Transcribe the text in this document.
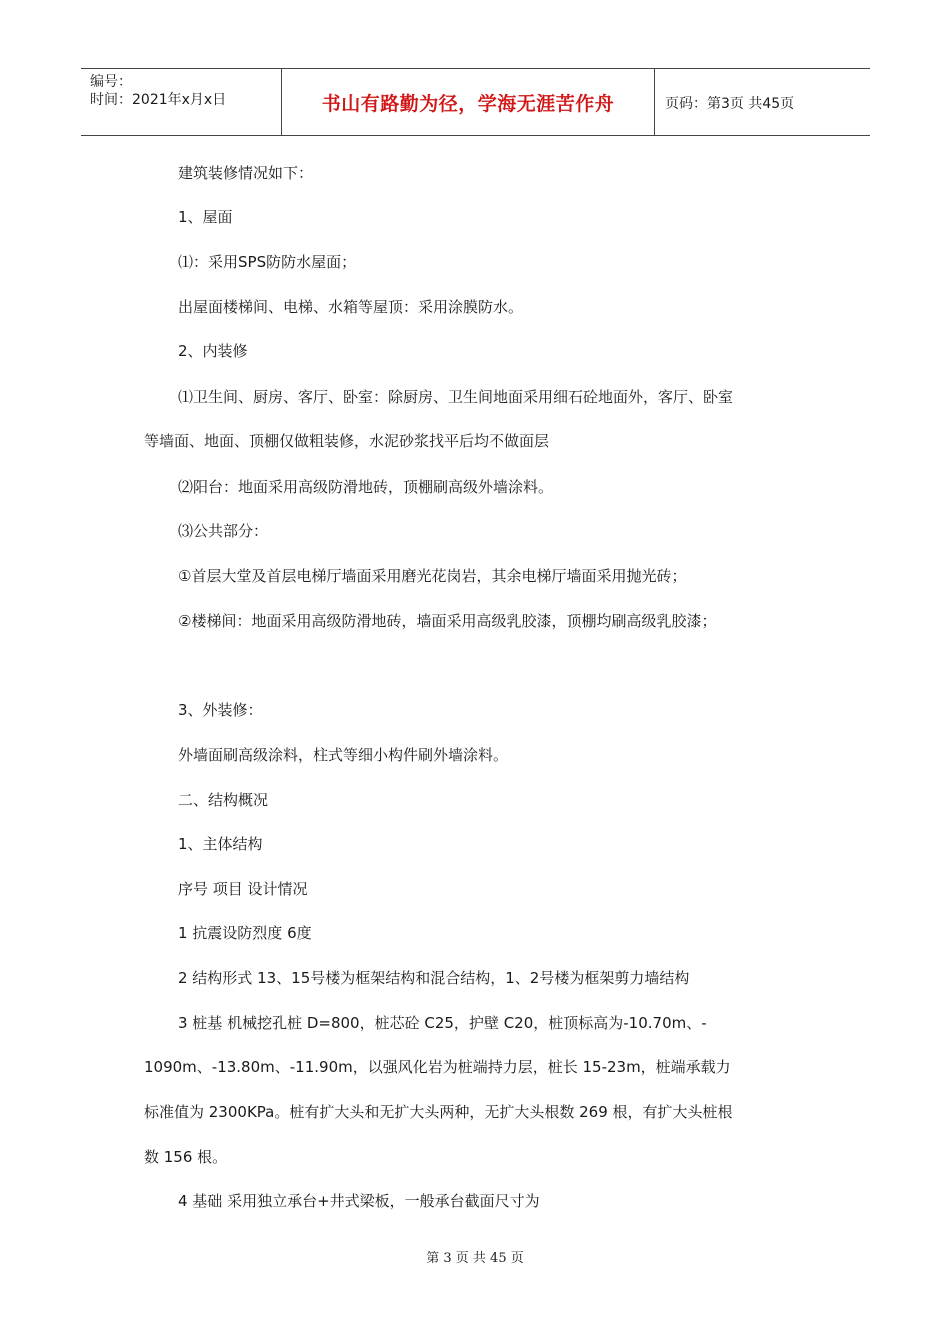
编号：
时间：2021年x月x日	书山有路勤为径，学海无涯苦作舟	页码：第3页 共45页
建筑装修情况如下：
1、屋面
⑴：采用SPS防防水屋面；
出屋面楼梯间、电梯、水箱等屋顶：采用涂膜防水。
2、内装修
⑴卫生间、厨房、客厅、卧室：除厨房、卫生间地面采用细石砼地面外，客厅、卧室
等墙面、地面、顶棚仅做粗装修，水泥砂浆找平后均不做面层
⑵阳台：地面采用高级防滑地砖，顶棚刷高级外墙涂料。
⑶公共部分：
①首层大堂及首层电梯厅墙面采用磨光花岗岩，其余电梯厅墙面采用抛光砖；
②楼梯间：地面采用高级防滑地砖，墙面采用高级乳胶漆，顶棚均刷高级乳胶漆；
3、外装修：
外墙面刷高级涂料，柱式等细小构件刷外墙涂料。
二、结构概况
1、主体结构
序号 项目 设计情况
1 抗震设防烈度 6度
2 结构形式 13、15号楼为框架结构和混合结构，1、2号楼为框架剪力墙结构
3 桩基 机械挖孔桩 D=800，桩芯砼 C25，护壁 C20，桩顶标高为-10.70m、-
1090m、-13.80m、-11.90m，以强风化岩为桩端持力层，桩长 15-23m，桩端承载力
标准值为 2300KPa。桩有扩大头和无扩大头两种，无扩大头根数 269 根，有扩大头桩根
数 156 根。
4 基础 采用独立承台+井式梁板，一般承台截面尺寸为
第 3 页 共 45 页
